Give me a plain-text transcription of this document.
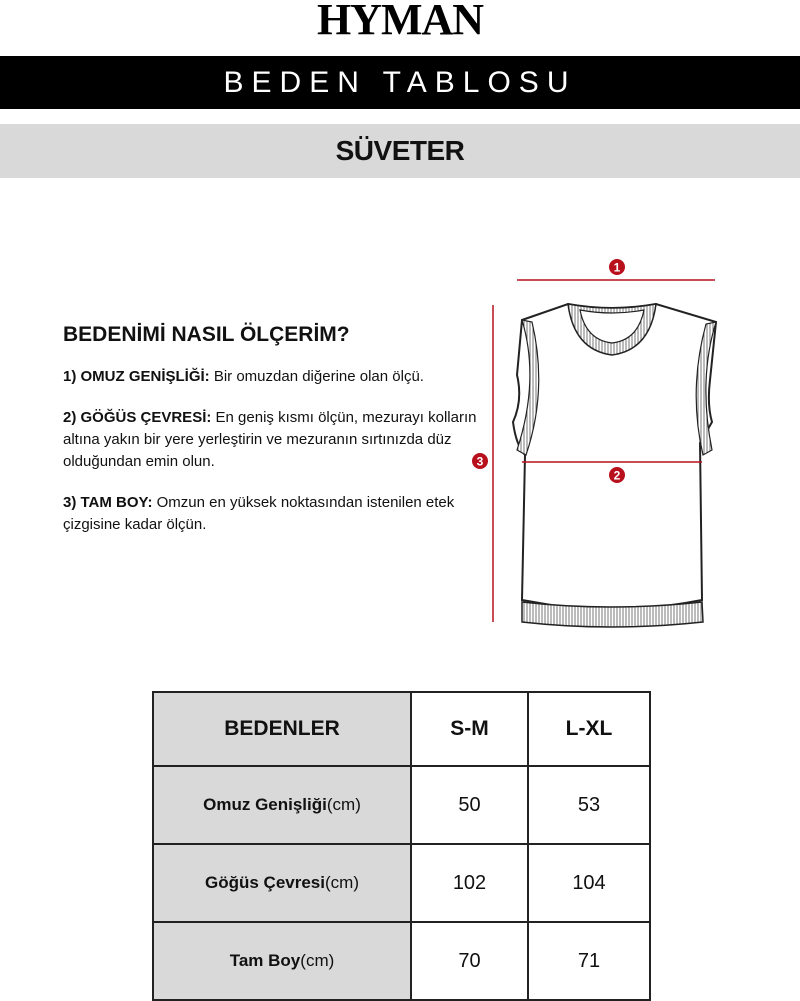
HYMAN
BEDEN TABLOSU
SÜVETER
BEDENİMİ NASIL ÖLÇERİM?

1) OMUZ GENİŞLİĞİ: Bir omuzdan diğerine olan ölçü.

2) GÖĞÜS ÇEVRESİ: En geniş kısmı ölçün, mezurayı kolların altına yakın bir yere yerleştirin ve mezuranın sırtınızda düz olduğundan emin olun.

3) TAM BOY: Omzun en yüksek noktasından istenilen etek çizgisine kadar ölçün.

1
2
3
BEDENLER	S-M	L-XL
Omuz Genişliği(cm)	50	53
Göğüs Çevresi(cm)	102	104
Tam Boy(cm)	70	71
